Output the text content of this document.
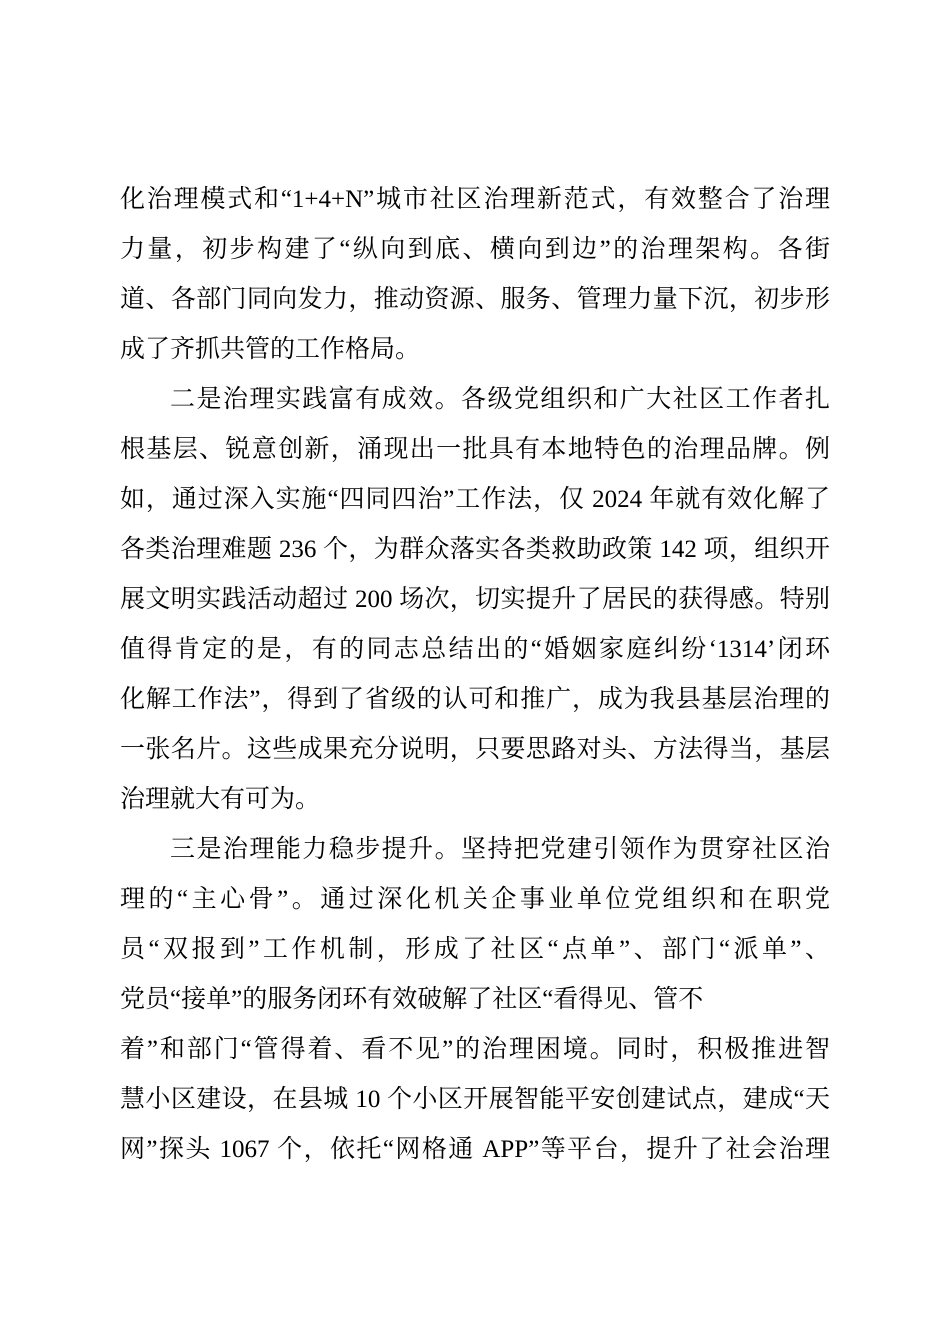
化治理模式和“1+4+N”城市社区治理新范式，有效整合了治理
力量，初步构建了“纵向到底、横向到边”的治理架构。各街
道、各部门同向发力，推动资源、服务、管理力量下沉，初步形
成了齐抓共管的工作格局。
二是治理实践富有成效。各级党组织和广大社区工作者扎
根基层、锐意创新，涌现出一批具有本地特色的治理品牌。例
如，通过深入实施“四同四治”工作法，仅 2024 年就有效化解了
各类治理难题 236 个，为群众落实各类救助政策 142 项，组织开
展文明实践活动超过 200 场次，切实提升了居民的获得感。特别
值得肯定的是，有的同志总结出的“婚姻家庭纠纷‘1314’闭环
化解工作法”，得到了省级的认可和推广，成为我县基层治理的
一张名片。这些成果充分说明，只要思路对头、方法得当，基层
治理就大有可为。
三是治理能力稳步提升。坚持把党建引领作为贯穿社区治
理的“主心骨”。通过深化机关企事业单位党组织和在职党
员“双报到”工作机制，形成了社区“点单”、部门“派单”、
党员“接单”的服务闭环有效破解了社区“看得见、管不
着”和部门“管得着、看不见”的治理困境。同时，积极推进智
慧小区建设，在县城 10 个小区开展智能平安创建试点，建成“天
网”探头 1067 个，依托“网格通 APP”等平台，提升了社会治理
